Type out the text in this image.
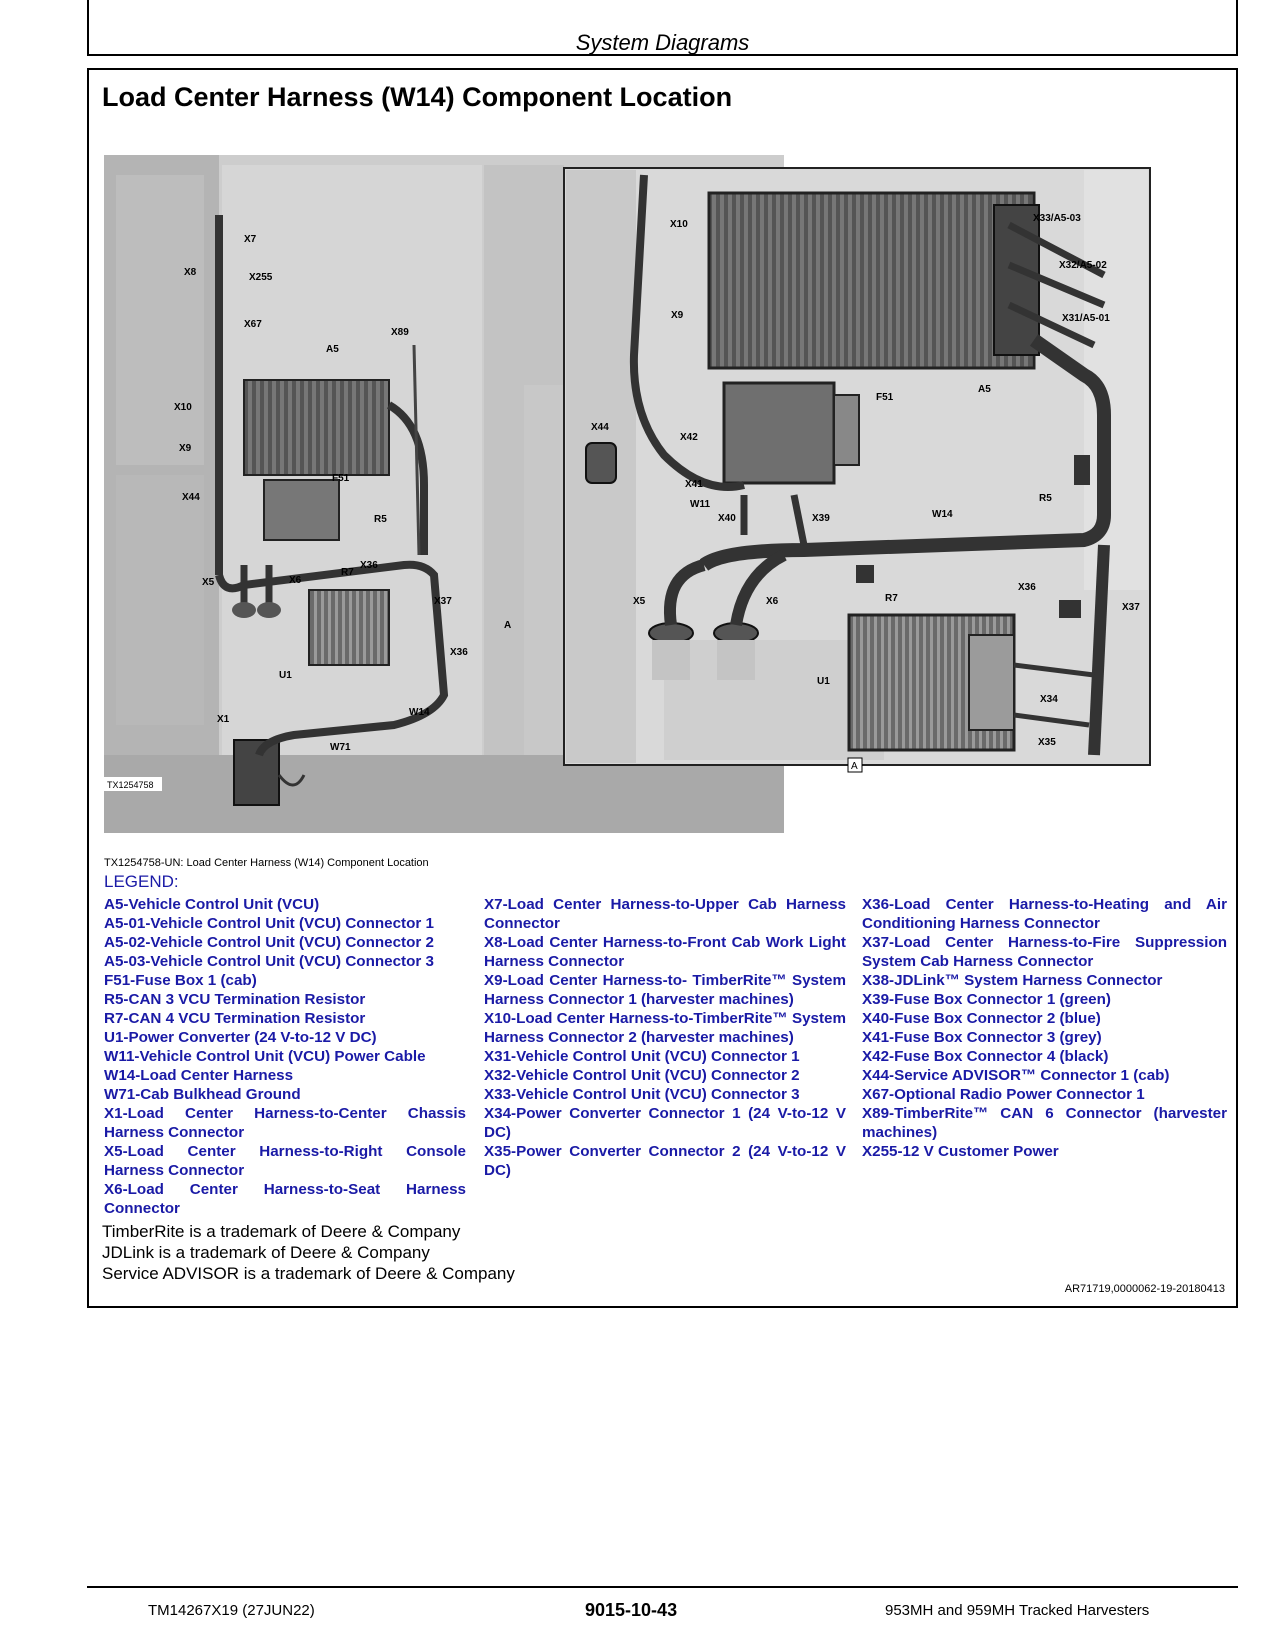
System Diagrams
Load Center Harness (W14) Component Location
X7
X8	X255
X67
X89
A5
X10
X9
F51
X44
R5
X36
R7
X5	X6
X37
U1
X36
X1
W14
W71
A
TX1254758
X10
X33/A5-03
X32/A5-02
X9	X31/A5-01
A5
F51
X44
X42
X41
W11
X40	X39	W14
R5
X36
X5	X6	R7
X37
U1
X34
X35
A
TX1254758-UN: Load Center Harness (W14) Component Location
LEGEND:

A5-Vehicle Control Unit (VCU)

A5-01-Vehicle Control Unit (VCU) Connector 1

A5-02-Vehicle Control Unit (VCU) Connector 2

A5-03-Vehicle Control Unit (VCU) Connector 3

F51-Fuse Box 1 (cab)

R5-CAN 3 VCU Termination Resistor

R7-CAN 4 VCU Termination Resistor

U1-Power Converter (24 V-to-12 V DC)

W11-Vehicle Control Unit (VCU) Power Cable

W14-Load Center Harness

W71-Cab Bulkhead Ground

X1-Load Center Harness-to-Center Chassis Harness Connector

X5-Load Center Harness-to-Right Console Harness Connector

X6-Load Center Harness-to-Seat Harness Connector

X7-Load Center Harness-to-Upper Cab Harness Connector

X8-Load Center Harness-to-Front Cab Work Light Harness Connector

X9-Load Center Harness-to- TimberRite™ System Harness Connector 1 (harvester machines)

X10-Load Center Harness-to-TimberRite™ System Harness Connector 2 (harvester machines)

X31-Vehicle Control Unit (VCU) Connector 1

X32-Vehicle Control Unit (VCU) Connector 2

X33-Vehicle Control Unit (VCU) Connector 3

X34-Power Converter Connector 1 (24 V-to-12 V DC)

X35-Power Converter Connector 2 (24 V-to-12 V DC)

X36-Load Center Harness-to-Heating and Air Conditioning Harness Connector

X37-Load Center Harness-to-Fire Suppression System Cab Harness Connector

X38-JDLink™ System Harness Connector

X39-Fuse Box Connector 1 (green)

X40-Fuse Box Connector 2 (blue)

X41-Fuse Box Connector 3 (grey)

X42-Fuse Box Connector 4 (black)

X44-Service ADVISOR™ Connector 1 (cab)

X67-Optional Radio Power Connector 1

X89-TimberRite™ CAN 6 Connector (harvester machines)

X255-12 V Customer Power

TimberRite is a trademark of Deere & Company
JDLink is a trademark of Deere & Company
Service ADVISOR is a trademark of Deere & Company
AR71719,0000062-19-20180413
TM14267X19 (27JUN22)	9015-10-43	953MH and 959MH Tracked Harvesters
